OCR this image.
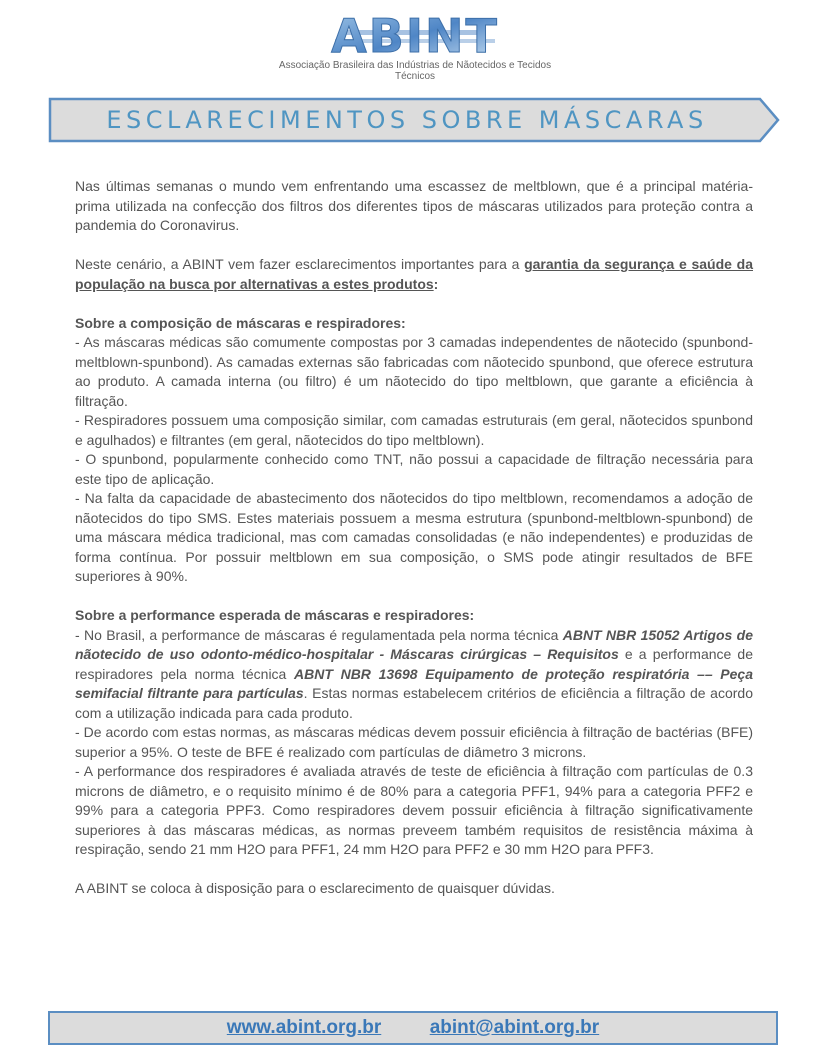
ABINT
Associação Brasileira das Indústrias de Nãotecidos e Tecidos Técnicos
ESCLARECIMENTOS SOBRE MÁSCARAS

Nas últimas semanas o mundo vem enfrentando uma escassez de meltblown, que é a principal matéria-prima utilizada na confecção dos filtros dos diferentes tipos de máscaras utilizados para proteção contra a pandemia do Coronavirus.

Neste cenário, a ABINT vem fazer esclarecimentos importantes para a garantia da segurança e saúde da população na busca por alternativas a estes produtos:

Sobre a composição de máscaras e respiradores:

- As máscaras médicas são comumente compostas por 3 camadas independentes de nãotecido (spunbond-meltblown-spunbond). As camadas externas são fabricadas com nãotecido spunbond, que oferece estrutura ao produto. A camada interna (ou filtro) é um nãotecido do tipo meltblown, que garante a eficiência à filtração.

- Respiradores possuem uma composição similar, com camadas estruturais (em geral, nãotecidos spunbond e agulhados) e filtrantes (em geral, nãotecidos do tipo meltblown).

- O spunbond, popularmente conhecido como TNT, não possui a capacidade de filtração necessária para este tipo de aplicação.

- Na falta da capacidade de abastecimento dos nãotecidos do tipo meltblown, recomendamos a adoção de nãotecidos do tipo SMS. Estes materiais possuem a mesma estrutura (spunbond-meltblown-spunbond) de uma máscara médica tradicional, mas com camadas consolidadas (e não independentes) e produzidas de forma contínua. Por possuir meltblown em sua composição, o SMS pode atingir resultados de BFE superiores à 90%.

Sobre a performance esperada de máscaras e respiradores:

- No Brasil, a performance de máscaras é regulamentada pela norma técnica ABNT NBR 15052 Artigos de nãotecido de uso odonto-médico-hospitalar - Máscaras cirúrgicas – Requisitos e a performance de respiradores pela norma técnica ABNT NBR 13698 Equipamento de proteção respiratória –– Peça semifacial filtrante para partículas. Estas normas estabelecem critérios de eficiência a filtração de acordo com a utilização indicada para cada produto.

- De acordo com estas normas, as máscaras médicas devem possuir eficiência à filtração de bactérias (BFE) superior a 95%. O teste de BFE é realizado com partículas de diâmetro 3 microns.

- A performance dos respiradores é avaliada através de teste de eficiência à filtração com partículas de 0.3 microns de diâmetro, e o requisito mínimo é de 80% para a categoria PFF1, 94% para a categoria PFF2 e 99% para a categoria PPF3. Como respiradores devem possuir eficiência à filtração significativamente superiores à das máscaras médicas, as normas preveem também requisitos de resistência máxima à respiração, sendo 21 mm H2O para PFF1, 24 mm H2O para PFF2 e 30 mm H2O para PFF3.

A ABINT se coloca à disposição para o esclarecimento de quaisquer dúvidas.

www.abint.org.br	abint@abint.org.br
